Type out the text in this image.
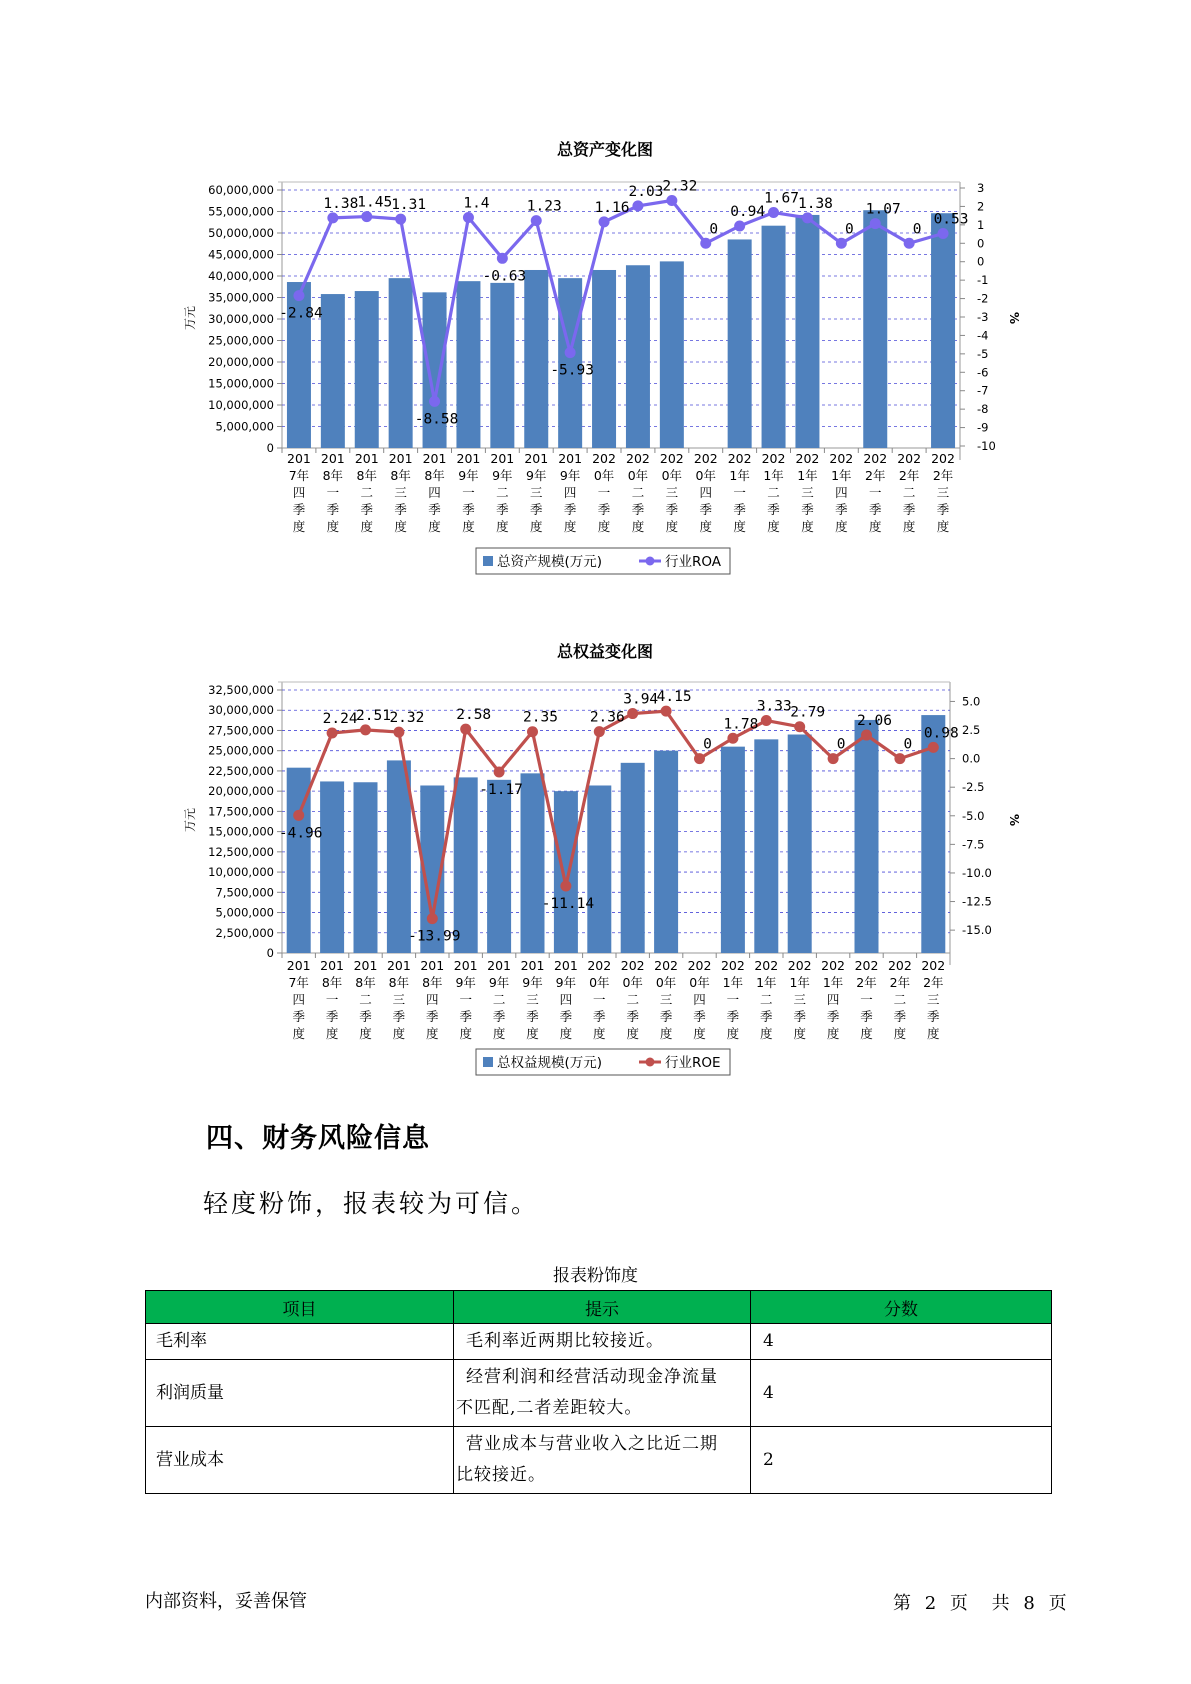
总资产变化图
0
5,000,000
10,000,000
15,000,000
20,000,000
25,000,000
30,000,000
35,000,000
40,000,000
45,000,000
50,000,000
55,000,000
60,000,000	3
2
1
0
0
-1
-2
-3
-4
-5
-6
-7
-8
-9
-10
万元	%
201 7年四季度
201 8年一季度
201 8年二季度
201 8年三季度
201 8年四季度
201 9年一季度
201 9年二季度
201 9年三季度
201 9年四季度
202 0年一季度
202 0年二季度
202 0年三季度
202 0年四季度
202 1年一季度
202 1年二季度
202 1年三季度
202 1年四季度
202 2年一季度
202 2年二季度
202 2年三季度
-2.84
1.38
1.45
1.31
-8.58
1.4
-0.63
1.23
-5.93
1.16
2.03
2.32
0
0.94
1.67
1.38
0
1.07
0
0.53
总资产规模(万元)	行业ROA
总权益变化图
0
2,500,000
5,000,000
7,500,000
10,000,000
12,500,000
15,000,000
17,500,000
20,000,000
22,500,000
25,000,000
27,500,000
30,000,000
32,500,000
-15.0
-12.5
-10.0
-7.5
-5.0
-2.5
0.0
2.5
5.0
万元	%
201 7年四季度
201 8年一季度
201 8年二季度
201 8年三季度
201 8年四季度
201 9年一季度
201 9年二季度
201 9年三季度
201 9年四季度
202 0年一季度
202 0年二季度
202 0年三季度
202 0年四季度
202 1年一季度
202 1年二季度
202 1年三季度
202 1年四季度
202 2年一季度
202 2年二季度
202 2年三季度
-4.96
2.24
2.51
2.32
-13.99
2.58
-1.17
2.35
-11.14
2.36
3.94
4.15
0
1.78
3.33
2.79
0
2.06
0
0.98
总权益规模(万元)	行业ROE
四、财务风险信息

轻度粉饰，报表较为可信。

报表粉饰度
项目	提示	分数
毛利率	毛利率近两期比较接近。	4
利润质量	经营利润和经营活动现金净流量
不匹配,二者差距较大。	4
营业成本	营业成本与营业收入之比近二期
比较接近。	2
内部资料，妥善保管	第 2 页 共 8 页
